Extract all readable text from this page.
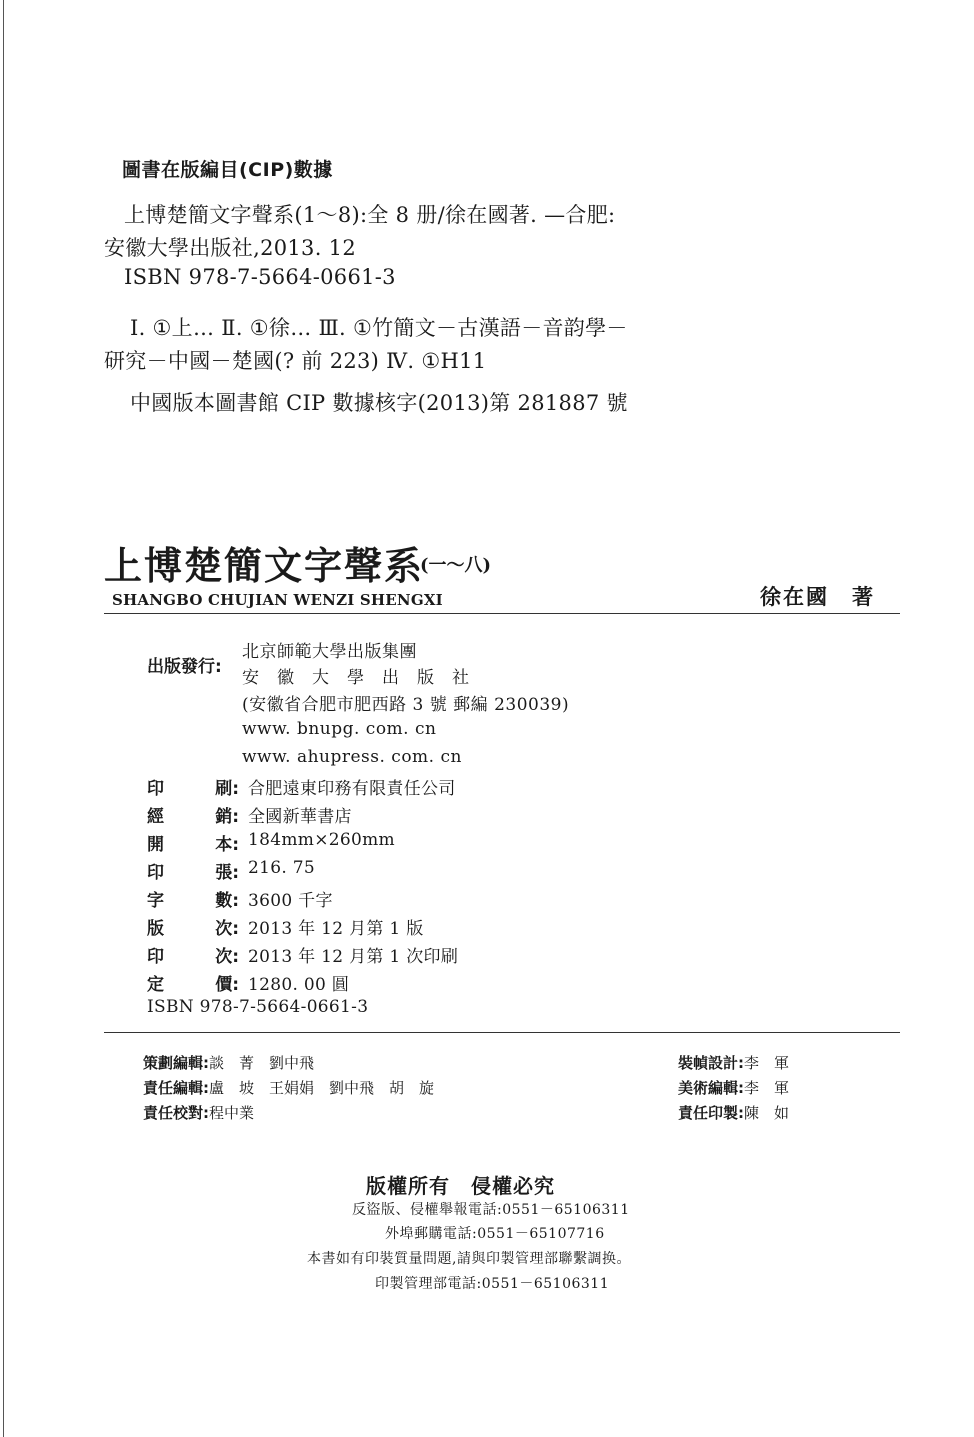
圖書在版編目(CIP)數據
上博楚簡文字聲系(1～8):全 8 册/徐在國著. —合肥:
安徽大學出版社,2013. 12
ISBN 978-7-5664-0661-3
Ⅰ. ①上… Ⅱ. ①徐… Ⅲ. ①竹簡文－古漢語－音韵學－
研究－中國－楚國(? 前 223) Ⅳ. ①H11
中國版本圖書館 CIP 數據核字(2013)第 281887 號
上博楚簡文字聲系
(一～八)
SHANGBO CHUJIAN WENZI SHENGXI	徐在國　著
出版發行:
北京師範大學出版集團
安　徽　大　學　出　版　社
(安徽省合肥市肥西路 3 號 郵編 230039)
www. bnupg. com. cn
www. ahupress. com. cn
印	刷: 合肥遠東印務有限責任公司
經	銷: 全國新華書店
開	本: 184mm×260mm
印	張: 216. 75
字	數: 3600 千字
版	次: 2013 年 12 月第 1 版
印	次: 2013 年 12 月第 1 次印刷
定	價: 1280. 00 圓
ISBN 978-7-5664-0661-3
策劃編輯:談　菁　劉中飛
責任編輯:盧　坡　王娟娟　劉中飛　胡　旋
責任校對:程中業
裝幀設計:李　軍
美術編輯:李　軍
責任印製:陳　如
版權所有　侵權必究
反盜版、侵權舉報電話:0551－65106311
外埠郵購電話:0551－65107716
本書如有印裝質量問題,請與印製管理部聯繫調换。
印製管理部電話:0551－65106311
